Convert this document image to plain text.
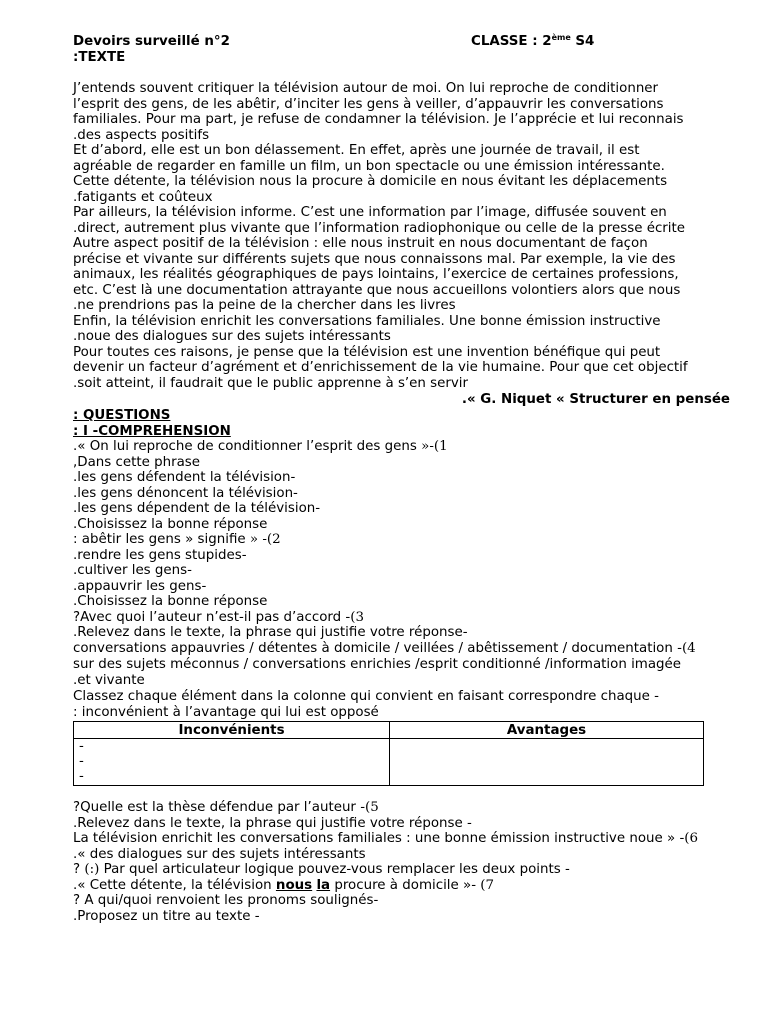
Devoirs surveillé n°2	CLASSE : 2ème S4
:TEXTE
J’entends souvent critiquer la télévision autour de moi. On lui reproche de conditionner
l’esprit des gens, de les abêtir, d’inciter les gens à veiller, d’appauvrir les conversations
familiales. Pour ma part, je refuse de condamner la télévision. Je l’apprécie et lui reconnais
.des aspects positifs
Et d’abord, elle est un bon délassement. En effet, après une journée de travail, il est
agréable de regarder en famille un film, un bon spectacle ou une émission intéressante.
Cette détente, la télévision nous la procure à domicile en nous évitant les déplacements
.fatigants et coûteux
Par ailleurs, la télévision informe. C’est une information par l’image, diffusée souvent en
.direct, autrement plus vivante que l’information radiophonique ou celle de la presse écrite
Autre aspect positif de la télévision : elle nous instruit en nous documentant de façon
précise et vivante sur différents sujets que nous connaissons mal. Par exemple, la vie des
animaux, les réalités géographiques de pays lointains, l’exercice de certaines professions,
etc. C’est là une documentation attrayante que nous accueillons volontiers alors que nous
.ne prendrions pas la peine de la chercher dans les livres
Enfin, la télévision enrichit les conversations familiales. Une bonne émission instructive
.noue des dialogues sur des sujets intéressants
Pour toutes ces raisons, je pense que la télévision est une invention bénéfique qui peut
devenir un facteur d’agrément et d’enrichissement de la vie humaine. Pour que cet objectif
.soit atteint, il faudrait que le public apprenne à s’en servir
.« G. Niquet « Structurer en pensée
: QUESTIONS
: I -COMPREHENSION
.« On lui reproche de conditionner l’esprit des gens »-(1
,Dans cette phrase
.les gens défendent la télévision-
.les gens dénoncent la télévision-
.les gens dépendent de la télévision-
.Choisissez la bonne réponse
: abêtir les gens » signifie » -(2
.rendre les gens stupides-
.cultiver les gens-
.appauvrir les gens-
.Choisissez la bonne réponse
?Avec quoi l’auteur n’est-il pas d’accord -(3
.Relevez dans le texte, la phrase qui justifie votre réponse-
conversations appauvries / détentes à domicile / veillées / abêtissement / documentation -(4
sur des sujets méconnus / conversations enrichies /esprit conditionné /information imagée
.et vivante
Classez chaque élément dans la colonne qui convient en faisant correspondre chaque -
: inconvénient à l’avantage qui lui est opposé
Inconvénients	Avantages

-
-
-	

?Quelle est la thèse défendue par l’auteur -(5
.Relevez dans le texte, la phrase qui justifie votre réponse -
La télévision enrichit les conversations familiales : une bonne émission instructive noue » -(6
.« des dialogues sur des sujets intéressants
? (:) Par quel articulateur logique pouvez-vous remplacer les deux points -
.« Cette détente, la télévision nous la procure à domicile »- (7
? A qui/quoi renvoient les pronoms soulignés-
.Proposez un titre au texte -
